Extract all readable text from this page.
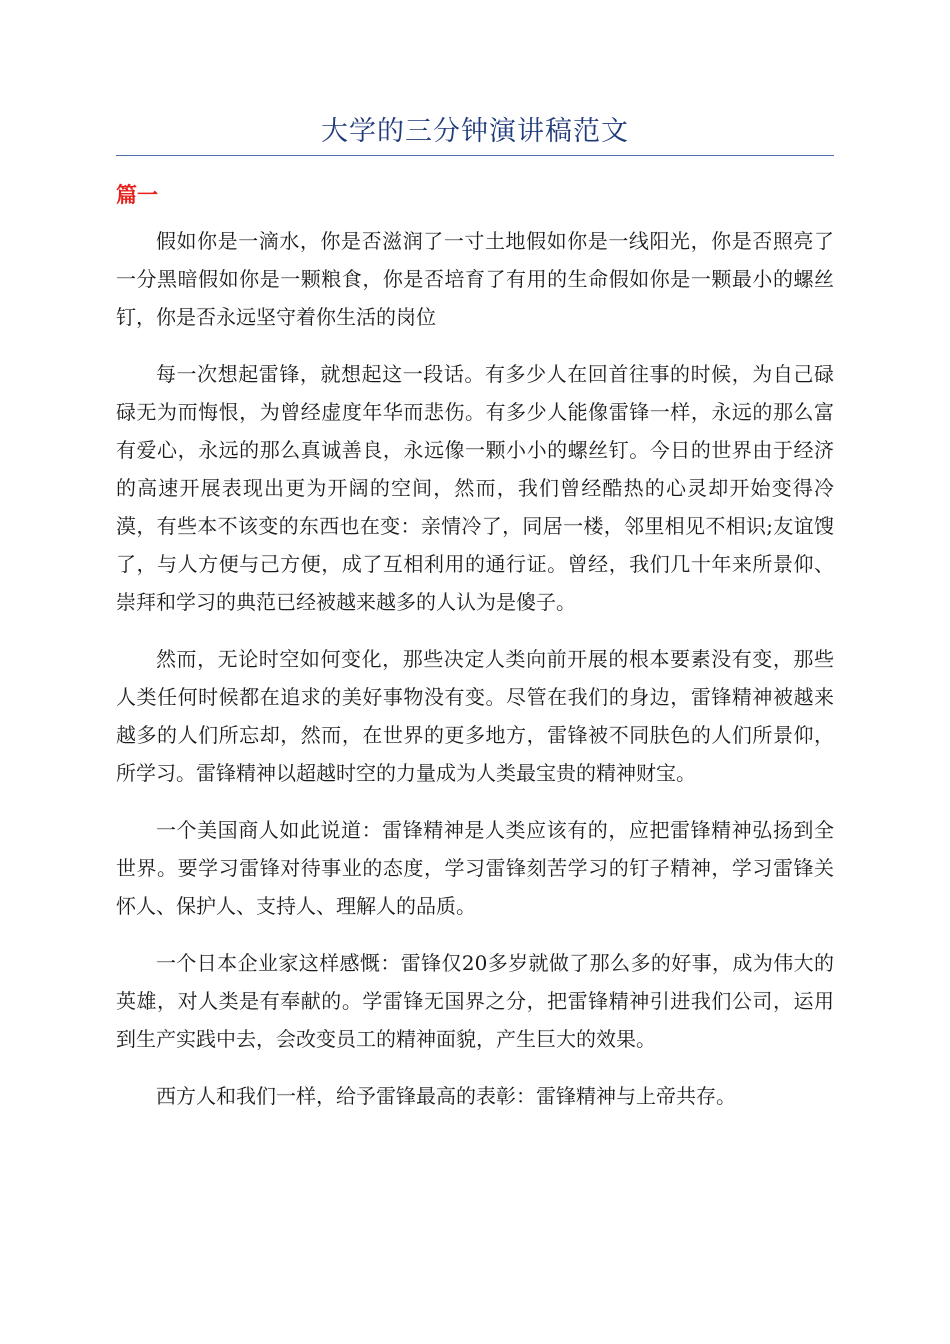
大学的三分钟演讲稿范文
篇一

假如你是一滴水，你是否滋润了一寸土地假如你是一线阳光，你是否照亮了一分黑暗假如你是一颗粮食，你是否培育了有用的生命假如你是一颗最小的螺丝钉，你是否永远坚守着你生活的岗位

每一次想起雷锋，就想起这一段话。有多少人在回首往事的时候，为自己碌碌无为而悔恨，为曾经虚度年华而悲伤。有多少人能像雷锋一样，永远的那么富有爱心，永远的那么真诚善良，永远像一颗小小的螺丝钉。今日的世界由于经济的高速开展表现出更为开阔的空间，然而，我们曾经酷热的心灵却开始变得冷漠，有些本不该变的东西也在变：亲情冷了，同居一楼，邻里相见不相识;友谊馊了，与人方便与己方便，成了互相利用的通行证。曾经，我们几十年来所景仰、崇拜和学习的典范已经被越来越多的人认为是傻子。

然而，无论时空如何变化，那些决定人类向前开展的根本要素没有变，那些人类任何时候都在追求的美好事物没有变。尽管在我们的身边，雷锋精神被越来越多的人们所忘却，然而，在世界的更多地方，雷锋被不同肤色的人们所景仰，所学习。雷锋精神以超越时空的力量成为人类最宝贵的精神财宝。

一个美国商人如此说道：雷锋精神是人类应该有的，应把雷锋精神弘扬到全世界。要学习雷锋对待事业的态度，学习雷锋刻苦学习的钉子精神，学习雷锋关怀人、保护人、支持人、理解人的品质。

一个日本企业家这样感慨：雷锋仅20多岁就做了那么多的好事，成为伟大的英雄，对人类是有奉献的。学雷锋无国界之分，把雷锋精神引进我们公司，运用到生产实践中去，会改变员工的精神面貌，产生巨大的效果。

西方人和我们一样，给予雷锋最高的表彰：雷锋精神与上帝共存。
